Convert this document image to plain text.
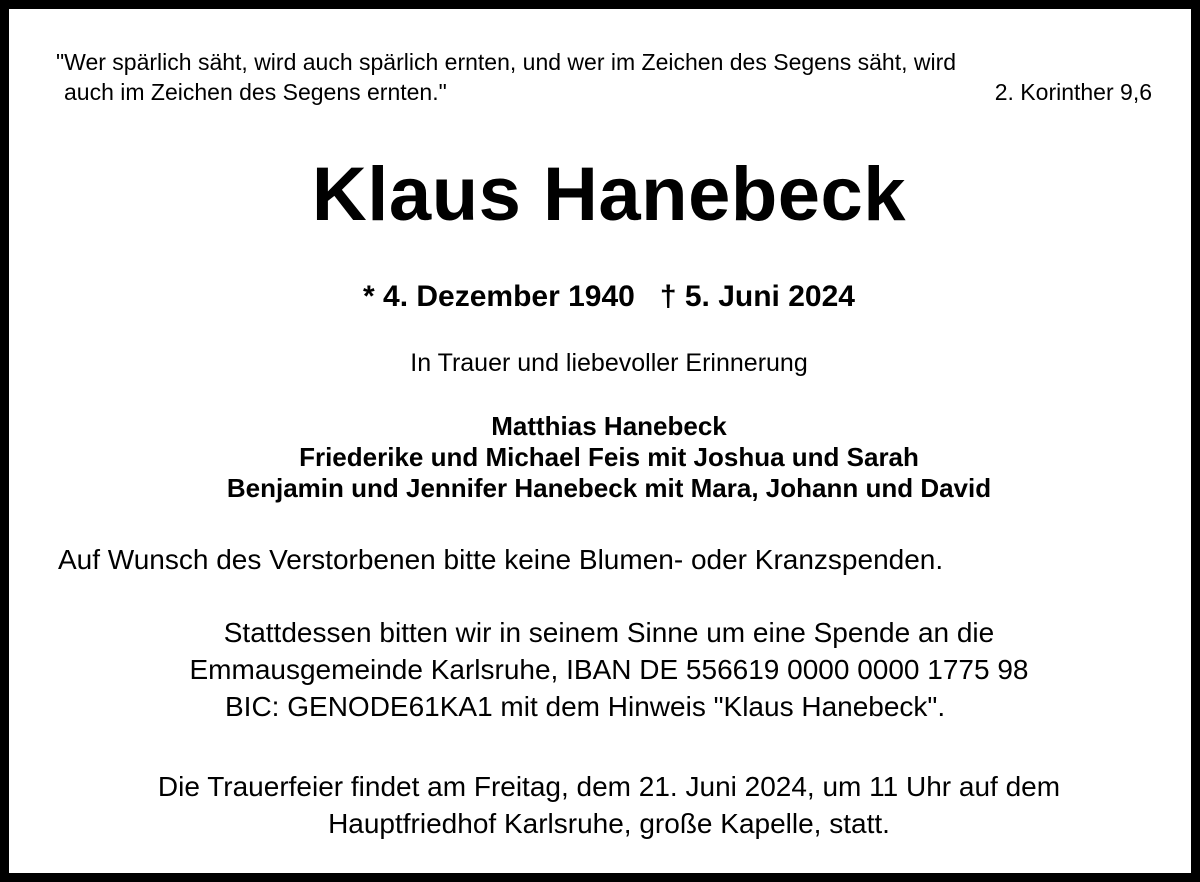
"Wer spärlich säht, wird auch spärlich ernten, und wer im Zeichen des Segens säht, wird
auch im Zeichen des Segens ernten."	2. Korinther 9,6
Klaus Hanebeck
* 4. Dezember 1940   † 5. Juni 2024
In Trauer und liebevoller Erinnerung
Matthias Hanebeck
Friederike und Michael Feis mit Joshua und Sarah
Benjamin und Jennifer Hanebeck mit Mara, Johann und David
Auf Wunsch des Verstorbenen bitte keine Blumen- oder Kranzspenden.
Stattdessen bitten wir in seinem Sinne um eine Spende an die
Emmausgemeinde Karlsruhe, IBAN DE 556619 0000 0000 1775 98
BIC: GENODE61KA1 mit dem Hinweis "Klaus Hanebeck".
Die Trauerfeier findet am Freitag, dem 21. Juni 2024, um 11 Uhr auf dem
Hauptfriedhof Karlsruhe, große Kapelle, statt.
